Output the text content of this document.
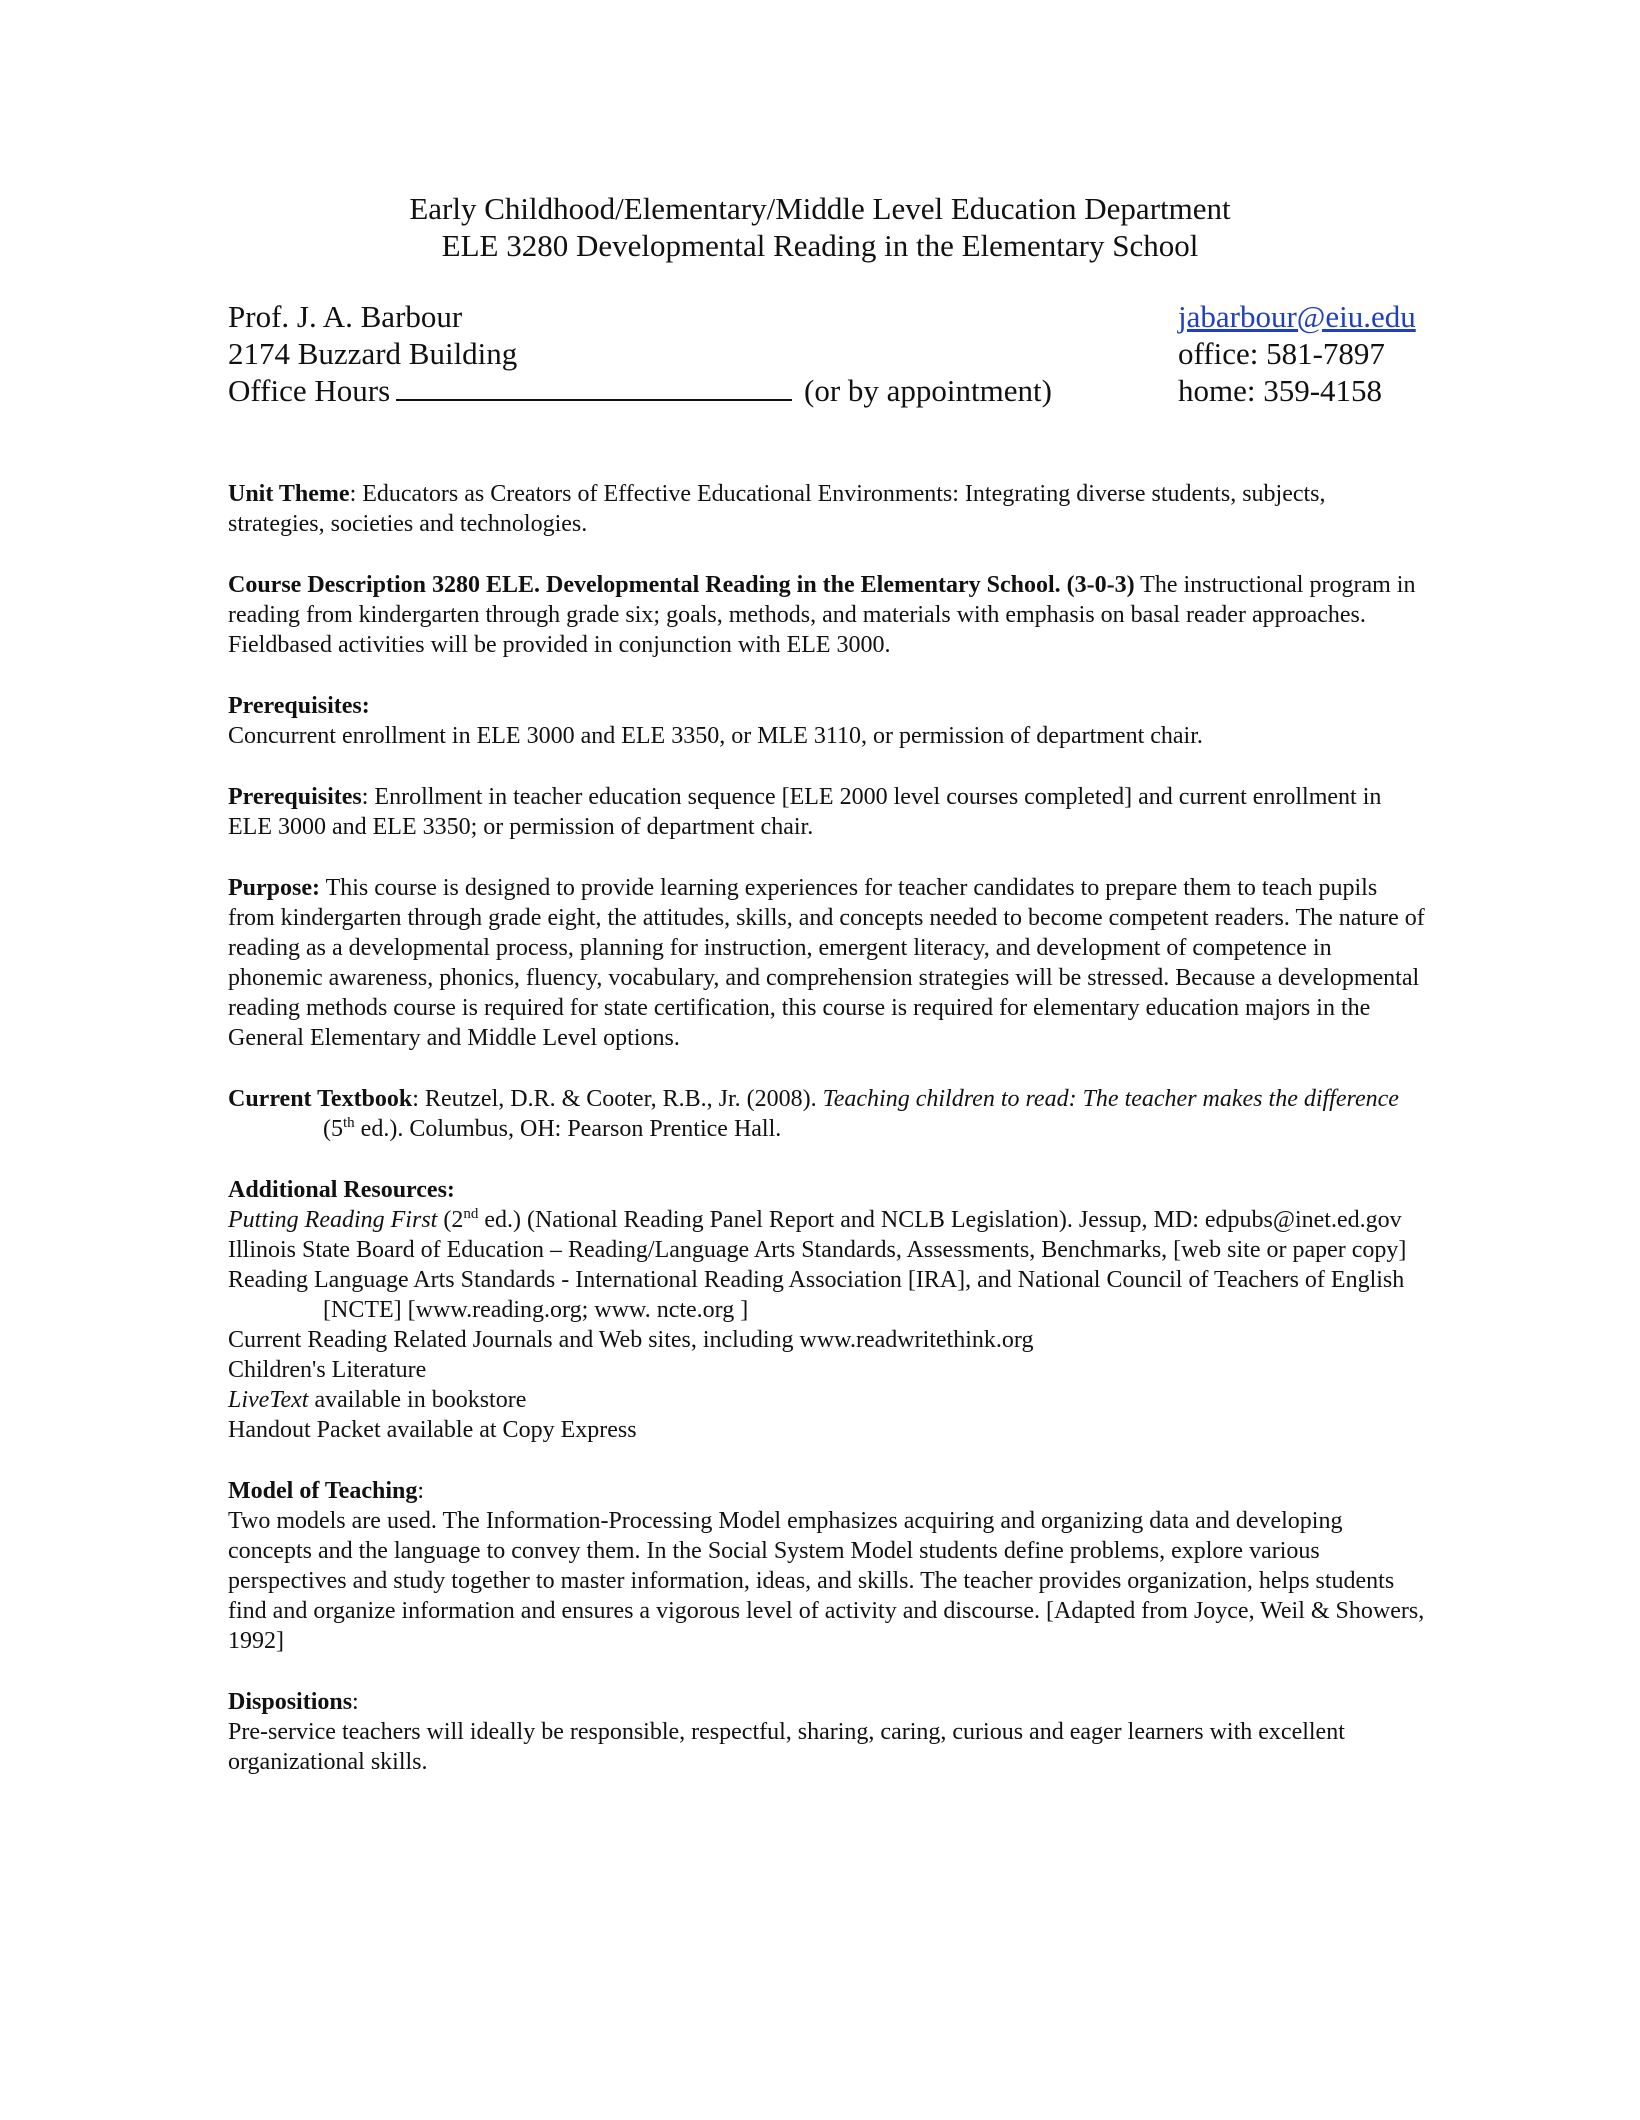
Early Childhood/Elementary/Middle Level Education Department
ELE 3280 Developmental Reading in the Elementary School
Prof. J. A. Barbour	jabarbour@eiu.edu
2174 Buzzard Building	office: 581-7897
Office Hours	(or by appointment)	home: 359-4158

Unit Theme: Educators as Creators of Effective Educational Environments: Integrating diverse students, subjects, strategies, societies and technologies.

Course Description 3280 ELE. Developmental Reading in the Elementary School. (3-0-3) The instructional program in reading from kindergarten through grade six; goals, methods, and materials with emphasis on basal reader approaches. Fieldbased activities will be provided in conjunction with ELE 3000.

Prerequisites:

Concurrent enrollment in ELE 3000 and ELE 3350, or MLE 3110, or permission of department chair.

Prerequisites: Enrollment in teacher education sequence [ELE 2000 level courses completed] and current enrollment in ELE 3000 and ELE 3350; or permission of department chair.

Purpose: This course is designed to provide learning experiences for teacher candidates to prepare them to teach pupils from kindergarten through grade eight, the attitudes, skills, and concepts needed to become competent readers. The nature of reading as a developmental process, planning for instruction, emergent literacy, and development of competence in phonemic awareness, phonics, fluency, vocabulary, and comprehension strategies will be stressed. Because a developmental reading methods course is required for state certification, this course is required for elementary education majors in the General Elementary and Middle Level options.

Current Textbook: Reutzel, D.R. & Cooter, R.B., Jr. (2008). Teaching children to read: The teacher makes the difference (5th ed.). Columbus, OH: Pearson Prentice Hall.

Additional Resources:

Putting Reading First (2nd ed.) (National Reading Panel Report and NCLB Legislation). Jessup, MD: edpubs@inet.ed.gov

Illinois State Board of Education – Reading/Language Arts Standards, Assessments, Benchmarks, [web site or paper copy]

Reading Language Arts Standards - International Reading Association [IRA], and National Council of Teachers of English [NCTE] [www.reading.org; www. ncte.org ]

Current Reading Related Journals and Web sites, including www.readwritethink.org

Children's Literature

LiveText available in bookstore

Handout Packet available at Copy Express

Model of Teaching:

Two models are used. The Information-Processing Model emphasizes acquiring and organizing data and developing concepts and the language to convey them. In the Social System Model students define problems, explore various perspectives and study together to master information, ideas, and skills. The teacher provides organization, helps students find and organize information and ensures a vigorous level of activity and discourse. [Adapted from Joyce, Weil & Showers, 1992]

Dispositions:

Pre-service teachers will ideally be responsible, respectful, sharing, caring, curious and eager learners with excellent organizational skills.
